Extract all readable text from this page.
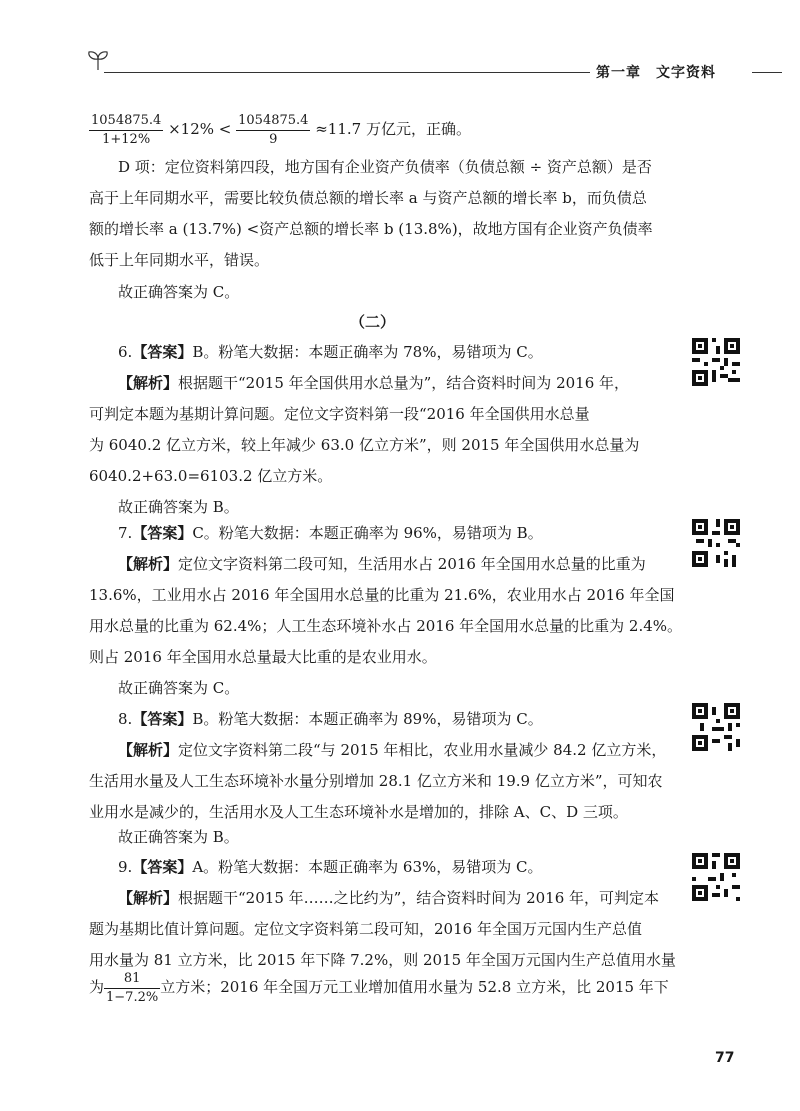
第一章　文字资料
$\frac{1054875.4}{1+12\%} \times 12\% < \frac{1054875.4}{9} \approx 11.7$ 万亿元，正确。
D 项：定位资料第四段，地方国有企业资产负债率（负债总额 ÷ 资产总额）是否
高于上年同期水平，需要比较负债总额的增长率 a 与资产总额的增长率 b，而负债总
额的增长率 a (13.7%) <资产总额的增长率 b (13.8%)，故地方国有企业资产负债率
低于上年同期水平，错误。
故正确答案为 C。
（二）
6.【答案】B。粉笔大数据：本题正确率为 78%，易错项为 C。
【解析】根据题干“2015 年全国供用水总量为”，结合资料时间为 2016 年，
可判定本题为基期计算问题。定位文字资料第一段“2016 年全国供用水总量
为 6040.2 亿立方米，较上年减少 63.0 亿立方米”，则 2015 年全国供用水总量为
6040.2+63.0=6103.2 亿立方米。
故正确答案为 B。
7.【答案】C。粉笔大数据：本题正确率为 96%，易错项为 B。
【解析】定位文字资料第二段可知，生活用水占 2016 年全国用水总量的比重为
13.6%，工业用水占 2016 年全国用水总量的比重为 21.6%，农业用水占 2016 年全国
用水总量的比重为 62.4%；人工生态环境补水占 2016 年全国用水总量的比重为 2.4%。
则占 2016 年全国用水总量最大比重的是农业用水。
故正确答案为 C。
8.【答案】B。粉笔大数据：本题正确率为 89%，易错项为 C。
【解析】定位文字资料第二段“与 2015 年相比，农业用水量减少 84.2 亿立方米，
生活用水量及人工生态环境补水量分别增加 28.1 亿立方米和 19.9 亿立方米”，可知农
业用水是减少的，生活用水及人工生态环境补水是增加的，排除 A、C、D 三项。
故正确答案为 B。
9.【答案】A。粉笔大数据：本题正确率为 63%，易错项为 C。
【解析】根据题干“2015 年……之比约为”，结合资料时间为 2016 年，可判定本
题为基期比值计算问题。定位文字资料第二段可知，2016 年全国万元国内生产总值
用水量为 81 立方米，比 2015 年下降 7.2%，则 2015 年全国万元国内生产总值用水量
为 $\frac{81}{1-7.2\%}$ 立方米；2016 年全国万元工业增加值用水量为 52.8 立方米，比 2015 年下
77
